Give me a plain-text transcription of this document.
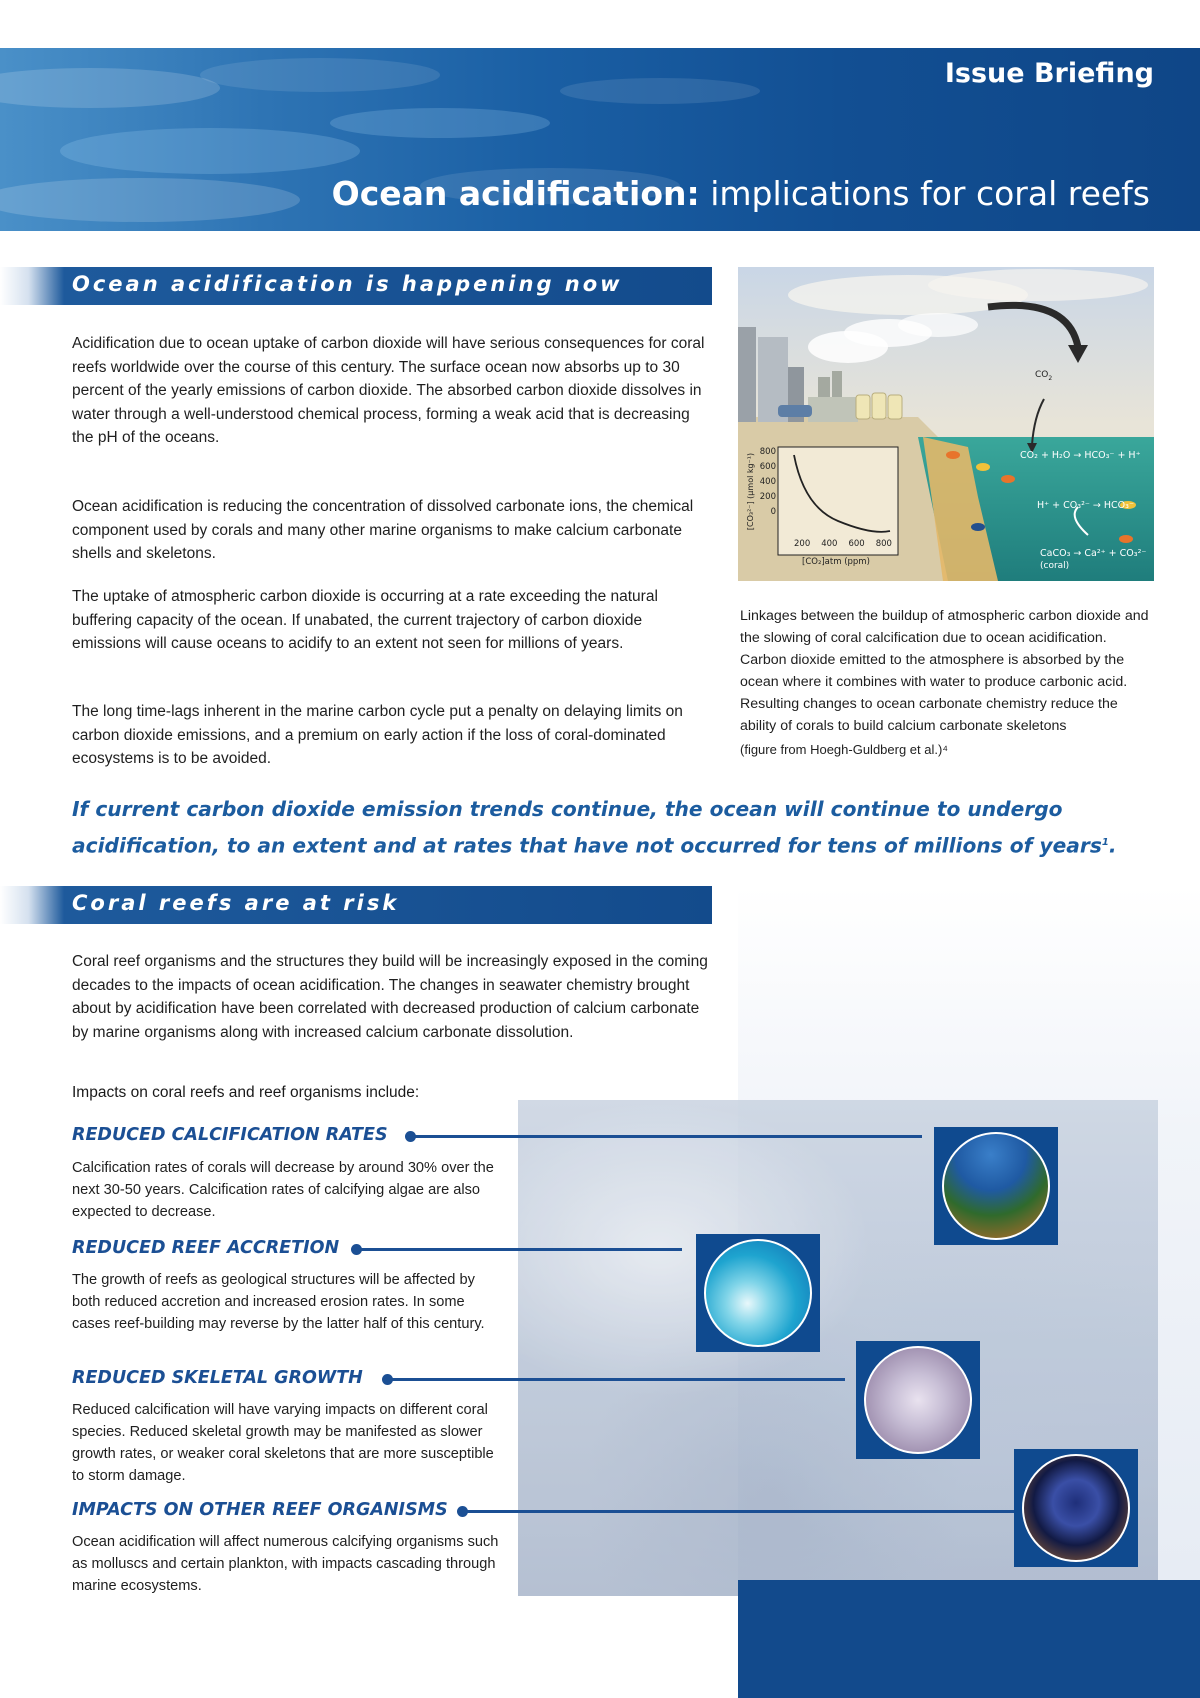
Issue Briefing
Ocean acidification: implications for coral reefs
Ocean acidification is happening now

Acidification due to ocean uptake of carbon dioxide will have serious consequences for coral reefs worldwide over the course of this century. The surface ocean now absorbs up to 30 percent of the yearly emissions of carbon dioxide. The absorbed carbon dioxide dissolves in water through a well-understood chemical process, forming a weak acid that is decreasing the pH of the oceans.

Ocean acidification is reducing the concentration of dissolved carbonate ions, the chemical component used by corals and many other marine organisms to make calcium carbonate shells and skeletons.

The uptake of atmospheric carbon dioxide is occurring at a rate exceeding the natural buffering capacity of the ocean. If unabated, the current trajectory of carbon dioxide emissions will cause oceans to acidify to an extent not seen for millions of years.

The long time-lags inherent in the marine carbon cycle put a penalty on delaying limits on carbon dioxide emissions, and a premium on early action if the loss of coral-dominated ecosystems is to be avoided.

$CO_2$
CO₂ + H₂O → HCO₃⁻ + H⁺
H⁺ + CO₃²⁻ → HCO₃⁻
CaCO₃ → Ca²⁺ + CO₃²⁻
(coral)
800
600
400
200
0
[CO₃²⁻] (μmol kg⁻¹)
200 400 600 800
[CO₂]atm (ppm)

Linkages between the buildup of atmospheric carbon dioxide and the slowing of coral calcification due to ocean acidification. Carbon dioxide emitted to the atmosphere is absorbed by the ocean where it combines with water to produce carbonic acid. Resulting changes to ocean carbonate chemistry reduce the ability of corals to build calcium carbonate skeletons
(figure from Hoegh-Guldberg et al.)⁴

If current carbon dioxide emission trends continue, the ocean will continue to undergo acidification, to an extent and at rates that have not occurred for tens of millions of years$^1$.

Coral reefs are at risk

Coral reef organisms and the structures they build will be increasingly exposed in the coming decades to the impacts of ocean acidification. The changes in seawater chemistry brought about by acidification have been correlated with decreased production of calcium carbonate by marine organisms along with increased calcium carbonate dissolution.

Impacts on coral reefs and reef organisms include:
REDUCED CALCIFICATION RATES

Calcification rates of corals will decrease by around 30% over the next 30-50 years. Calcification rates of calcifying algae are also expected to decrease.

REDUCED REEF ACCRETION

The growth of reefs as geological structures will be affected by both reduced accretion and increased erosion rates. In some cases reef-building may reverse by the latter half of this century.

REDUCED SKELETAL GROWTH

Reduced calcification will have varying impacts on different coral species. Reduced skeletal growth may be manifested as slower growth rates, or weaker coral skeletons that are more susceptible to storm damage.

IMPACTS ON OTHER REEF ORGANISMS

Ocean acidification will affect numerous calcifying organisms such as molluscs and certain plankton, with impacts cascading through marine ecosystems.
